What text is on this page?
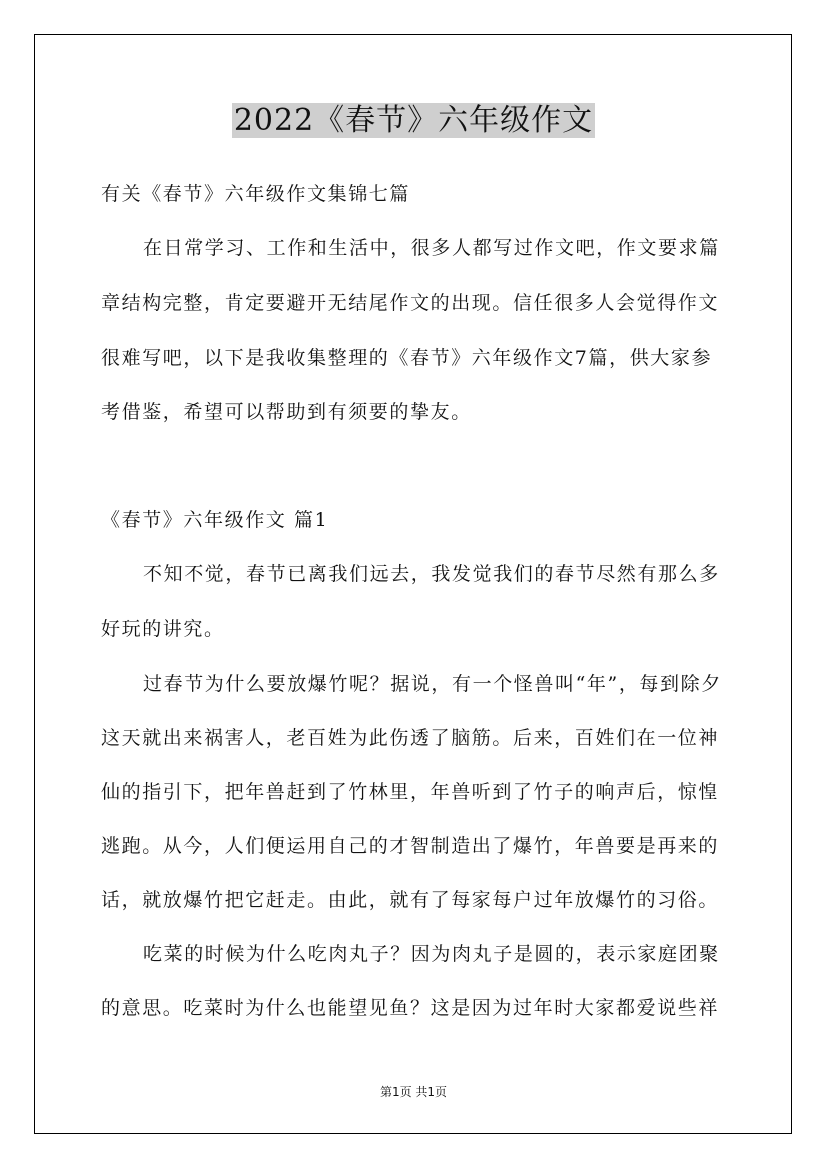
2022《春节》六年级作文
有关《春节》六年级作文集锦七篇
在日常学习、工作和生活中，很多人都写过作文吧，作文要求篇
章结构完整，肯定要避开无结尾作文的出现。信任很多人会觉得作文
很难写吧，以下是我收集整理的《春节》六年级作文7篇，供大家参
考借鉴，希望可以帮助到有须要的挚友。
《春节》六年级作文 篇1
不知不觉，春节已离我们远去，我发觉我们的春节尽然有那么多
好玩的讲究。
过春节为什么要放爆竹呢？据说，有一个怪兽叫“年”，每到除夕
这天就出来祸害人，老百姓为此伤透了脑筋。后来，百姓们在一位神
仙的指引下，把年兽赶到了竹林里，年兽听到了竹子的响声后，惊惶
逃跑。从今，人们便运用自己的才智制造出了爆竹，年兽要是再来的
话，就放爆竹把它赶走。由此，就有了每家每户过年放爆竹的习俗。
吃菜的时候为什么吃肉丸子？因为肉丸子是圆的，表示家庭团聚
的意思。吃菜时为什么也能望见鱼？这是因为过年时大家都爱说些祥
第1页 共1页
